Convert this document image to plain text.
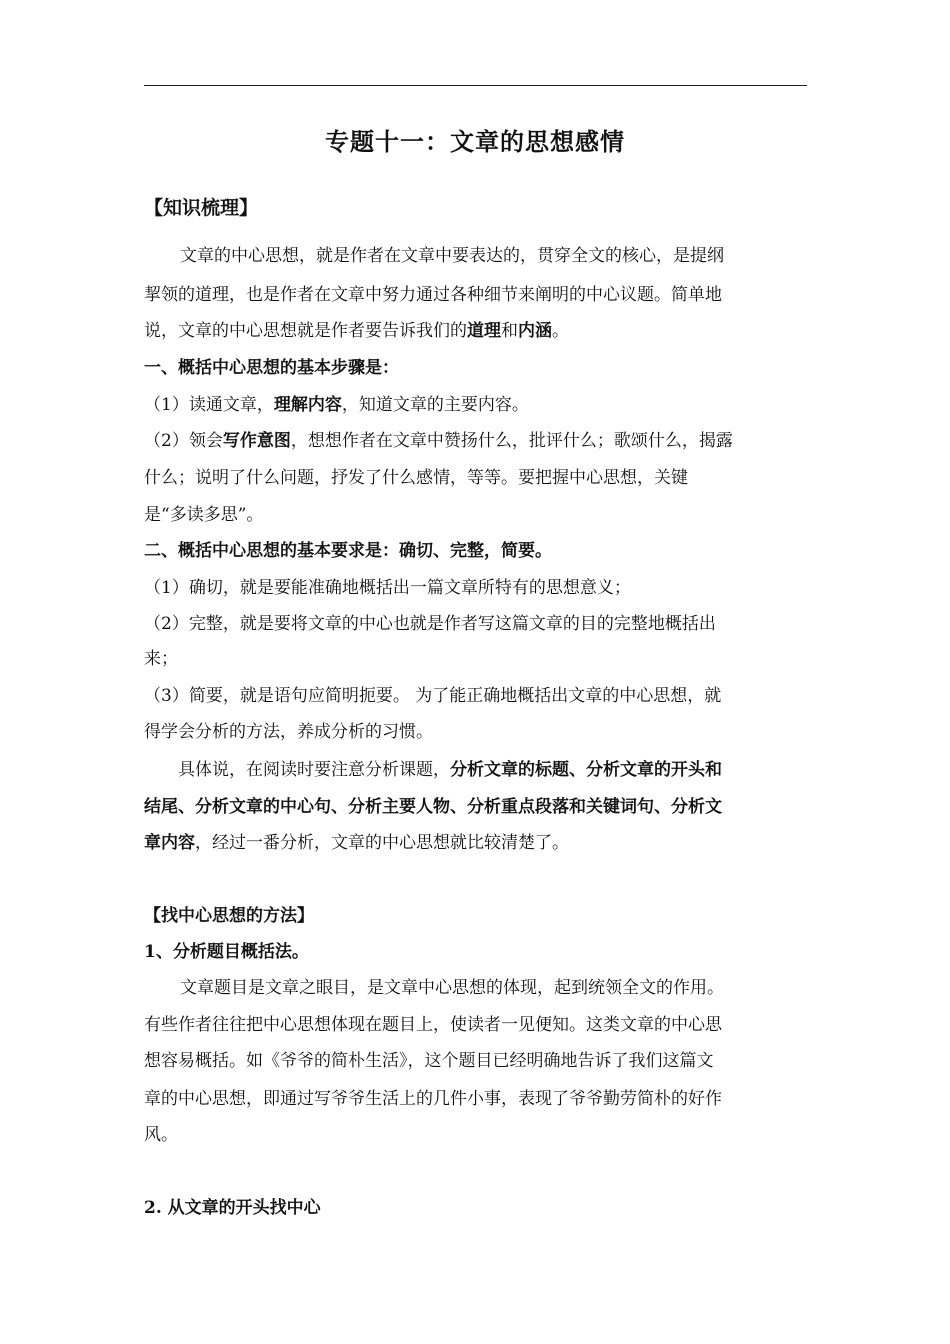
专题十一：文章的思想感情
【知识梳理】
文章的中心思想，就是作者在文章中要表达的，贯穿全文的核心，是提纲
挈领的道理，也是作者在文章中努力通过各种细节来阐明的中心议题。简单地
说，文章的中心思想就是作者要告诉我们的道理和内涵。
一、概括中心思想的基本步骤是：
（1）读通文章，理解内容，知道文章的主要内容。
（2）领会写作意图，想想作者在文章中赞扬什么，批评什么；歌颂什么，揭露
什么；说明了什么问题，抒发了什么感情，等等。要把握中心思想，关键
是“多读多思”。
二、概括中心思想的基本要求是：确切、完整，简要。
（1）确切，就是要能准确地概括出一篇文章所特有的思想意义；
（2）完整，就是要将文章的中心也就是作者写这篇文章的目的完整地概括出
来；
（3）简要，就是语句应简明扼要。 为了能正确地概括出文章的中心思想，就
得学会分析的方法，养成分析的习惯。
具体说，在阅读时要注意分析课题，分析文章的标题、分析文章的开头和
结尾、分析文章的中心句、分析主要人物、分析重点段落和关键词句、分析文
章内容，经过一番分析，文章的中心思想就比较清楚了。
【找中心思想的方法】
1、分析题目概括法。
文章题目是文章之眼目，是文章中心思想的体现，起到统领全文的作用。
有些作者往往把中心思想体现在题目上，使读者一见便知。这类文章的中心思
想容易概括。如《爷爷的简朴生活》，这个题目已经明确地告诉了我们这篇文
章的中心思想，即通过写爷爷生活上的几件小事，表现了爷爷勤劳简朴的好作
风。
2. 从文章的开头找中心
